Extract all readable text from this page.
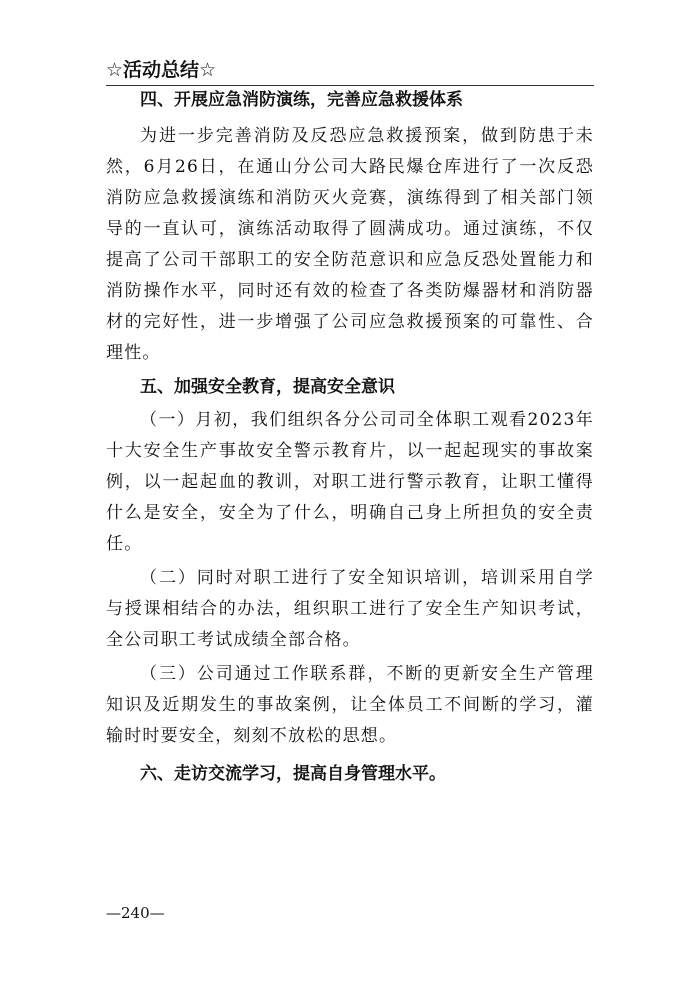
☆活动总结☆
四、开展应急消防演练，完善应急救援体系

为进一步完善消防及反恐应急救援预案，做到防患于未然，6月26日，在通山分公司大路民爆仓库进行了一次反恐消防应急救援演练和消防灭火竞赛，演练得到了相关部门领导的一直认可，演练活动取得了圆满成功。通过演练，不仅提高了公司干部职工的安全防范意识和应急反恐处置能力和消防操作水平，同时还有效的检查了各类防爆器材和消防器材的完好性，进一步增强了公司应急救援预案的可靠性、合理性。

五、加强安全教育，提高安全意识

（一）月初，我们组织各分公司司全体职工观看2023年十大安全生产事故安全警示教育片，以一起起现实的事故案例，以一起起血的教训，对职工进行警示教育，让职工懂得什么是安全，安全为了什么，明确自己身上所担负的安全责任。

（二）同时对职工进行了安全知识培训，培训采用自学与授课相结合的办法，组织职工进行了安全生产知识考试，全公司职工考试成绩全部合格。

（三）公司通过工作联系群，不断的更新安全生产管理知识及近期发生的事故案例，让全体员工不间断的学习，灌输时时要安全，刻刻不放松的思想。

六、走访交流学习，提高自身管理水平。
—240—
